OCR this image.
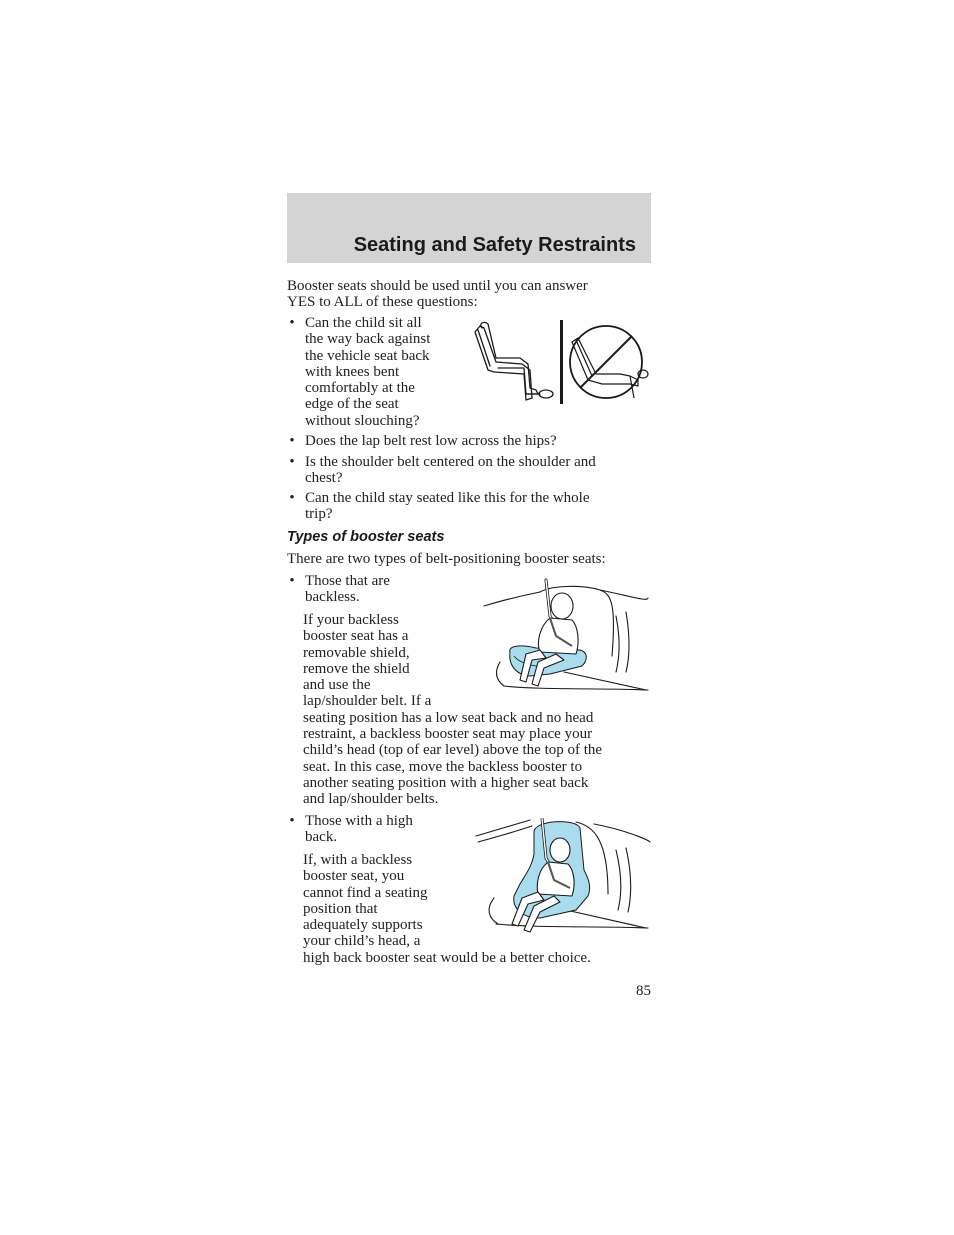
Seating and Safety Restraints
Booster seats should be used until you can answer
YES to ALL of these questions:
• Can the child sit all
the way back against
the vehicle seat back
with knees bent
comfortably at the
edge of the seat
without slouching?
• Does the lap belt rest low across the hips?
• Is the shoulder belt centered on the shoulder and
chest?
• Can the child stay seated like this for the whole
trip?
Types of booster seats
There are two types of belt-positioning booster seats:
• Those that are
backless.
If your backless
booster seat has a
removable shield,
remove the shield
and use the
lap/shoulder belt. If a
seating position has a low seat back and no head
restraint, a backless booster seat may place your
child’s head (top of ear level) above the top of the
seat. In this case, move the backless booster to
another seating position with a higher seat back
and lap/shoulder belts.
• Those with a high
back.
If, with a backless
booster seat, you
cannot find a seating
position that
adequately supports
your child’s head, a
high back booster seat would be a better choice.
85
